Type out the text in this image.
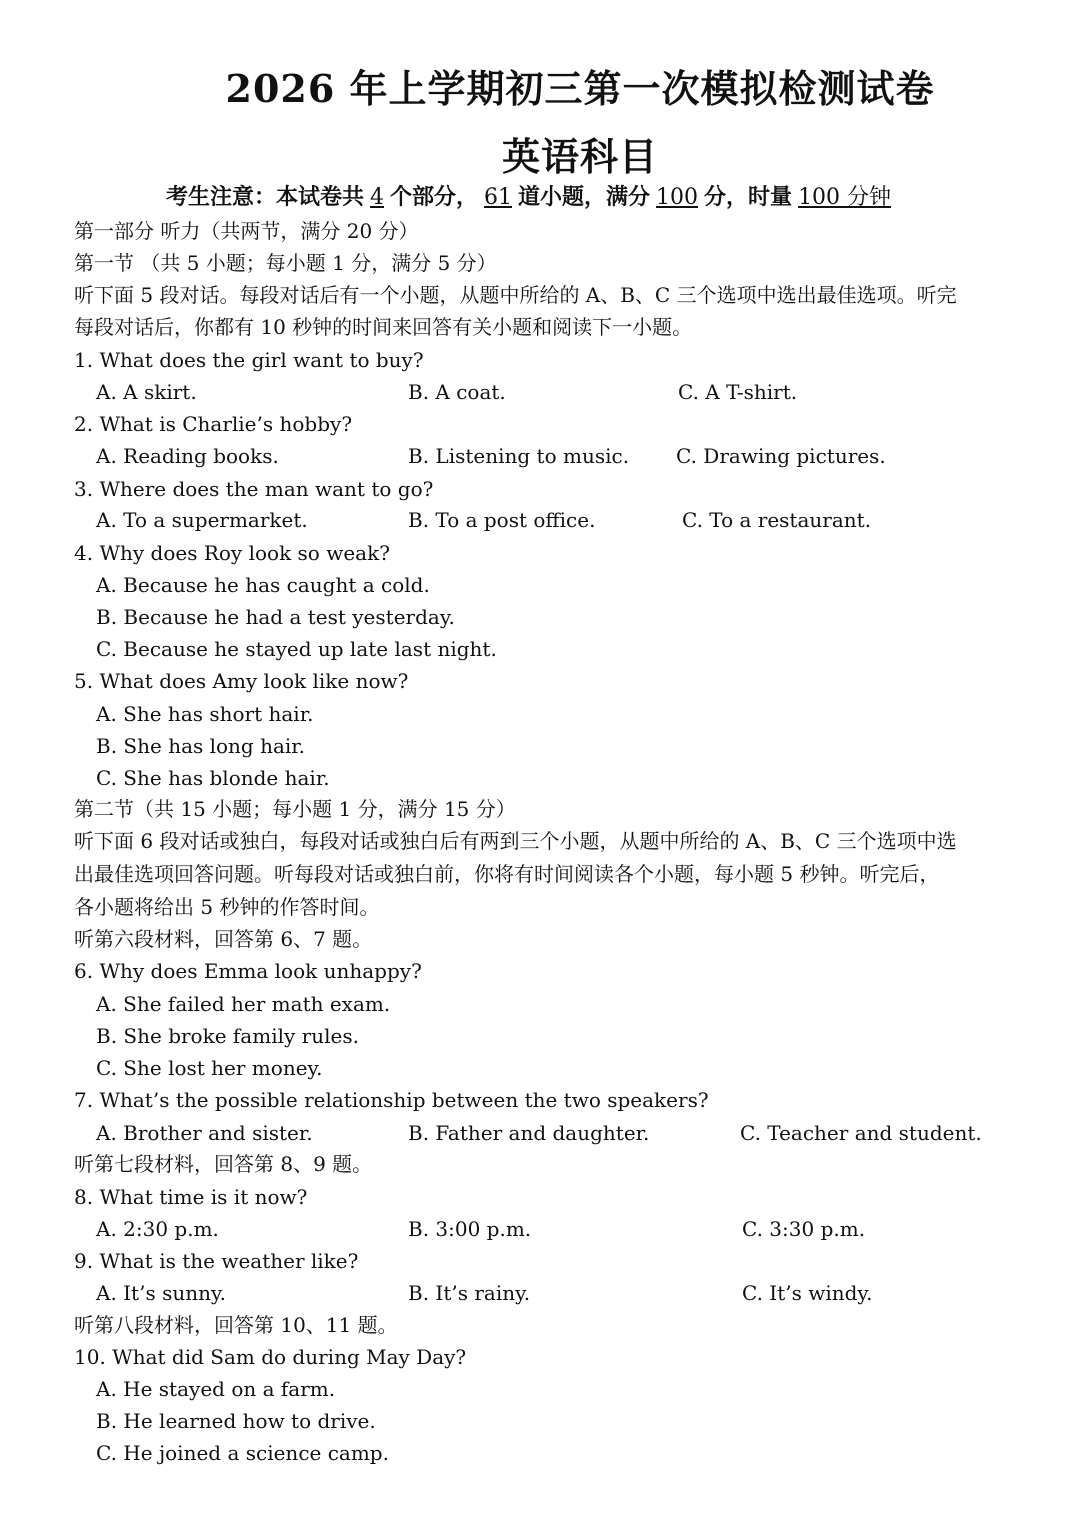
2026 年上学期初三第一次模拟检测试卷
英语科目
考生注意：本试卷共 4 个部分， 61 道小题，满分 100 分，时量 100 分钟
第一部分 听力（共两节，满分 20 分）
第一节 （共 5 小题；每小题 1 分，满分 5 分）
听下面 5 段对话。每段对话后有一个小题，从题中所给的 A、B、C 三个选项中选出最佳选项。听完
每段对话后，你都有 10 秒钟的时间来回答有关小题和阅读下一小题。
1. What does the girl want to buy?
A. A skirt.	B. A coat.	C. A T-shirt.
2. What is Charlie’s hobby?
A. Reading books.	B. Listening to music. C. Drawing pictures.
3. Where does the man want to go?
A. To a supermarket.	B. To a post office.	C. To a restaurant.
4. Why does Roy look so weak?
A. Because he has caught a cold.
B. Because he had a test yesterday.
C. Because he stayed up late last night.
5. What does Amy look like now?
A. She has short hair.
B. She has long hair.
C. She has blonde hair.
第二节（共 15 小题；每小题 1 分，满分 15 分）
听下面 6 段对话或独白，每段对话或独白后有两到三个小题，从题中所给的 A、B、C 三个选项中选
出最佳选项回答问题。听每段对话或独白前，你将有时间阅读各个小题，每小题 5 秒钟。听完后，
各小题将给出 5 秒钟的作答时间。
听第六段材料，回答第 6、7 题。
6. Why does Emma look unhappy?
A. She failed her math exam.
B. She broke family rules.
C. She lost her money.
7. What’s the possible relationship between the two speakers?
A. Brother and sister.	B. Father and daughter.	C. Teacher and student.
听第七段材料，回答第 8、9 题。
8. What time is it now?
A. 2:30 p.m.	B. 3:00 p.m.	C. 3:30 p.m.
9. What is the weather like?
A. It’s sunny.	B. It’s rainy.	C. It’s windy.
听第八段材料，回答第 10、11 题。
10. What did Sam do during May Day?
A. He stayed on a farm.
B. He learned how to drive.
C. He joined a science camp.
